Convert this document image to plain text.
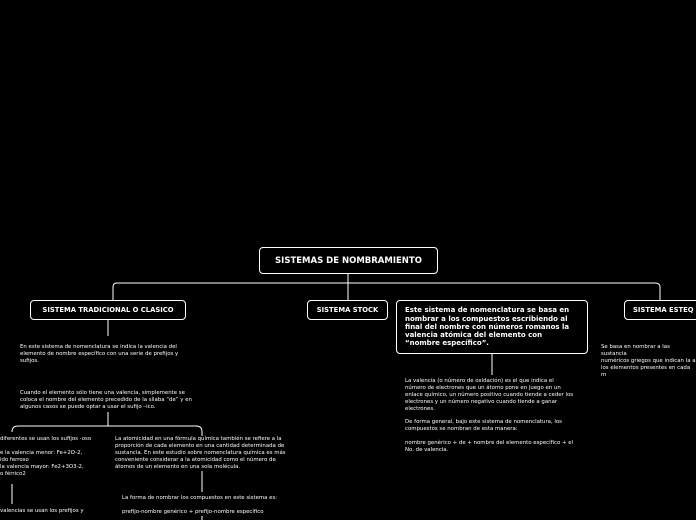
SISTEMAS DE NOMBRAMIENTO
SISTEMA TRADICIONAL O CLASICO	SISTEMA STOCK	Este sistema de nomenclatura se basa en nombrar a los compuestos escribiendo al final del nombre con números romanos la valencia atómica del elemento con “nombre específico”.
SISTEMA ESTEQ
En este sistema de nomenclatura se indica la valencia del
elemento de nombre específico con una serie de prefijos y
sufijos.
Cuando el elemento sólo tiene una valencia, simplemente se
coloca el nombre del elemento precedido de la sílaba “de” y en
algunos casos se puede optar a usar el sufijo –ico.
diferentes se usan los sufijos -oso

e la valencia menor: Fe+2O-2,
ido ferroso
la valencia mayor: Fe2+3O3-2,
o férrico2
La atomicidad en una fórmula química también se refiere a la
proporción de cada elemento en una cantidad determinada de
sustancia. En este estudio sobre nomenclatura química es más
conveniente considerar a la atomicidad como el número de
átomos de un elemento en una sola molécula.
valencias se usan los prefijos y
La forma de nombrar los compuestos en este sistema es:

prefijo-nombre genérico + prefijo-nombre específico
La valencia (o número de oxidación) es el que indica el
número de electrones que un átomo pone en juego en un
enlace químico, un número positivo cuando tiende a ceder los
electrones y un número negativo cuando tiende a ganar
electrones.

De forma general, bajo este sistema de nomenclatura, los
compuestos se nombran de esta manera:

nombre genérico + de + nombre del elemento específico + el
No. de valencia.
Se basa en nombrar a las sustancia
numéricos griegos que indican la a
los elementos presentes en cada m
